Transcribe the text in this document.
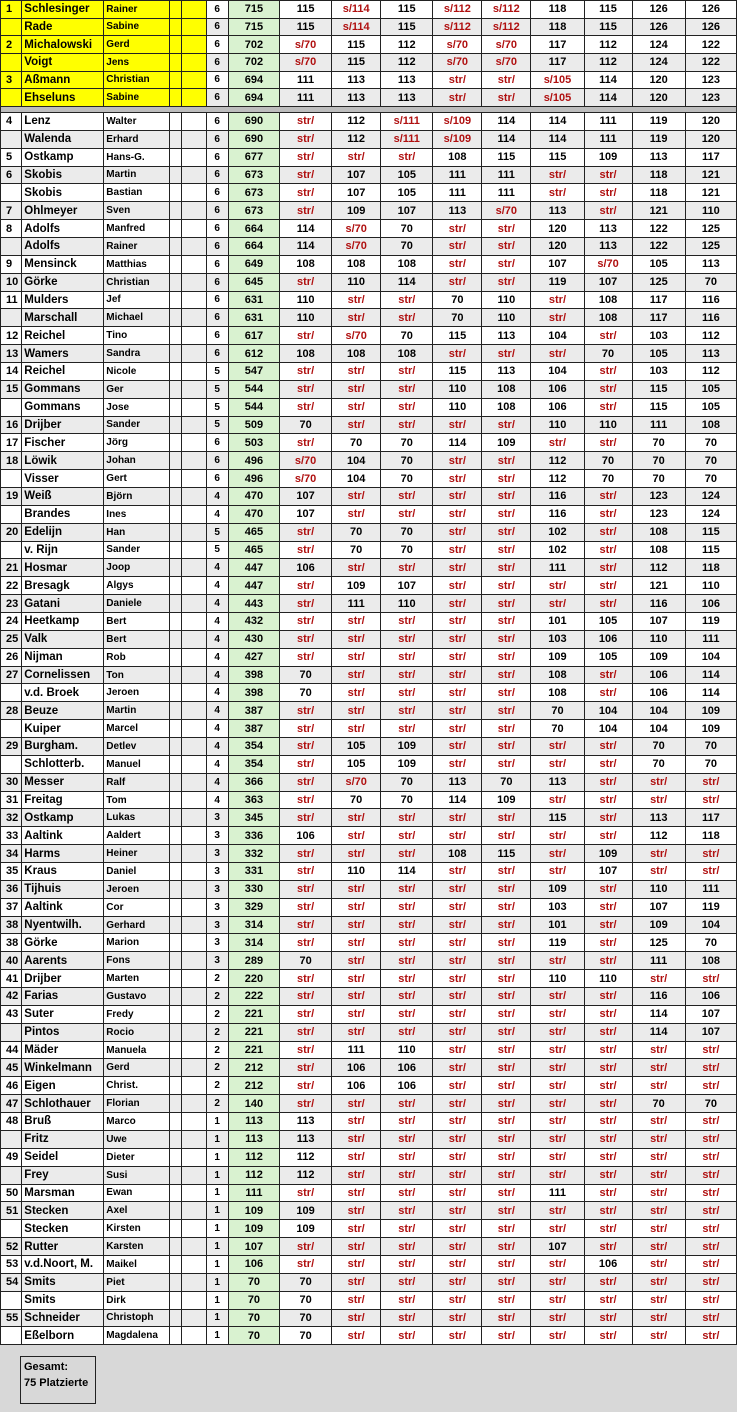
1	Schlesinger	Rainer			6	715	115	s/114	115	s/112	s/112	118	115	126	126
	Rade	Sabine			6	715	115	s/114	115	s/112	s/112	118	115	126	126
2	Michalowski	Gerd			6	702	s/70	115	112	s/70	s/70	117	112	124	122
	Voigt	Jens			6	702	s/70	115	112	s/70	s/70	117	112	124	122
3	Aßmann	Christian			6	694	111	113	113	str/	str/	s/105	114	120	123
	Ehseluns	Sabine			6	694	111	113	113	str/	str/	s/105	114	120	123

4	Lenz	Walter			6	690	str/	112	s/111	s/109	114	114	111	119	120
	Walenda	Erhard			6	690	str/	112	s/111	s/109	114	114	111	119	120
5	Ostkamp	Hans-G.			6	677	str/	str/	str/	108	115	115	109	113	117
6	Skobis	Martin			6	673	str/	107	105	111	111	str/	str/	118	121
	Skobis	Bastian			6	673	str/	107	105	111	111	str/	str/	118	121
7	Ohlmeyer	Sven			6	673	str/	109	107	113	s/70	113	str/	121	110
8	Adolfs	Manfred			6	664	114	s/70	70	str/	str/	120	113	122	125
	Adolfs	Rainer			6	664	114	s/70	70	str/	str/	120	113	122	125
9	Mensinck	Matthias			6	649	108	108	108	str/	str/	107	s/70	105	113
10	Görke	Christian			6	645	str/	110	114	str/	str/	119	107	125	70
11	Mulders	Jef			6	631	110	str/	str/	70	110	str/	108	117	116
	Marschall	Michael			6	631	110	str/	str/	70	110	str/	108	117	116
12	Reichel	Tino			6	617	str/	s/70	70	115	113	104	str/	103	112
13	Wamers	Sandra			6	612	108	108	108	str/	str/	str/	70	105	113
14	Reichel	Nicole			5	547	str/	str/	str/	115	113	104	str/	103	112
15	Gommans	Ger			5	544	str/	str/	str/	110	108	106	str/	115	105
	Gommans	Jose			5	544	str/	str/	str/	110	108	106	str/	115	105
16	Drijber	Sander			5	509	70	str/	str/	str/	str/	110	110	111	108
17	Fischer	Jörg			6	503	str/	70	70	114	109	str/	str/	70	70
18	Löwik	Johan			6	496	s/70	104	70	str/	str/	112	70	70	70
	Visser	Gert			6	496	s/70	104	70	str/	str/	112	70	70	70
19	Weiß	Björn			4	470	107	str/	str/	str/	str/	116	str/	123	124
	Brandes	Ines			4	470	107	str/	str/	str/	str/	116	str/	123	124
20	Edelijn	Han			5	465	str/	70	70	str/	str/	102	str/	108	115
	v. Rijn	Sander			5	465	str/	70	70	str/	str/	102	str/	108	115
21	Hosmar	Joop			4	447	106	str/	str/	str/	str/	111	str/	112	118
22	Bresagk	Algys			4	447	str/	109	107	str/	str/	str/	str/	121	110
23	Gatani	Daniele			4	443	str/	111	110	str/	str/	str/	str/	116	106
24	Heetkamp	Bert			4	432	str/	str/	str/	str/	str/	101	105	107	119
25	Valk	Bert			4	430	str/	str/	str/	str/	str/	103	106	110	111
26	Nijman	Rob			4	427	str/	str/	str/	str/	str/	109	105	109	104
27	Cornelissen	Ton			4	398	70	str/	str/	str/	str/	108	str/	106	114
	v.d. Broek	Jeroen			4	398	70	str/	str/	str/	str/	108	str/	106	114
28	Beuze	Martin			4	387	str/	str/	str/	str/	str/	70	104	104	109
	Kuiper	Marcel			4	387	str/	str/	str/	str/	str/	70	104	104	109
29	Burgham.	Detlev			4	354	str/	105	109	str/	str/	str/	str/	70	70
	Schlotterb.	Manuel			4	354	str/	105	109	str/	str/	str/	str/	70	70
30	Messer	Ralf			4	366	str/	s/70	70	113	70	113	str/	str/	str/
31	Freitag	Tom			4	363	str/	70	70	114	109	str/	str/	str/	str/
32	Ostkamp	Lukas			3	345	str/	str/	str/	str/	str/	115	str/	113	117
33	Aaltink	Aaldert			3	336	106	str/	str/	str/	str/	str/	str/	112	118
34	Harms	Heiner			3	332	str/	str/	str/	108	115	str/	109	str/	str/
35	Kraus	Daniel			3	331	str/	110	114	str/	str/	str/	107	str/	str/
36	Tijhuis	Jeroen			3	330	str/	str/	str/	str/	str/	109	str/	110	111
37	Aaltink	Cor			3	329	str/	str/	str/	str/	str/	103	str/	107	119
38	Nyentwilh.	Gerhard			3	314	str/	str/	str/	str/	str/	101	str/	109	104
38	Görke	Marion			3	314	str/	str/	str/	str/	str/	119	str/	125	70
40	Aarents	Fons			3	289	70	str/	str/	str/	str/	str/	str/	111	108
41	Drijber	Marten			2	220	str/	str/	str/	str/	str/	110	110	str/	str/
42	Farias	Gustavo			2	222	str/	str/	str/	str/	str/	str/	str/	116	106
43	Suter	Fredy			2	221	str/	str/	str/	str/	str/	str/	str/	114	107
	Pintos	Rocio			2	221	str/	str/	str/	str/	str/	str/	str/	114	107
44	Mäder	Manuela			2	221	str/	111	110	str/	str/	str/	str/	str/	str/
45	Winkelmann	Gerd			2	212	str/	106	106	str/	str/	str/	str/	str/	str/
46	Eigen	Christ.			2	212	str/	106	106	str/	str/	str/	str/	str/	str/
47	Schlothauer	Florian			2	140	str/	str/	str/	str/	str/	str/	str/	70	70
48	Bruß	Marco			1	113	113	str/	str/	str/	str/	str/	str/	str/	str/
	Fritz	Uwe			1	113	113	str/	str/	str/	str/	str/	str/	str/	str/
49	Seidel	Dieter			1	112	112	str/	str/	str/	str/	str/	str/	str/	str/
	Frey	Susi			1	112	112	str/	str/	str/	str/	str/	str/	str/	str/
50	Marsman	Ewan			1	111	str/	str/	str/	str/	str/	111	str/	str/	str/
51	Stecken	Axel			1	109	109	str/	str/	str/	str/	str/	str/	str/	str/
	Stecken	Kirsten			1	109	109	str/	str/	str/	str/	str/	str/	str/	str/
52	Rutter	Karsten			1	107	str/	str/	str/	str/	str/	107	str/	str/	str/
53	v.d.Noort, M.	Maikel			1	106	str/	str/	str/	str/	str/	str/	106	str/	str/
54	Smits	Piet			1	70	70	str/	str/	str/	str/	str/	str/	str/	str/
	Smits	Dirk			1	70	70	str/	str/	str/	str/	str/	str/	str/	str/
55	Schneider	Christoph			1	70	70	str/	str/	str/	str/	str/	str/	str/	str/
	Eßelborn	Magdalena			1	70	70	str/	str/	str/	str/	str/	str/	str/	str/
Gesamt:
75 Platzierte
